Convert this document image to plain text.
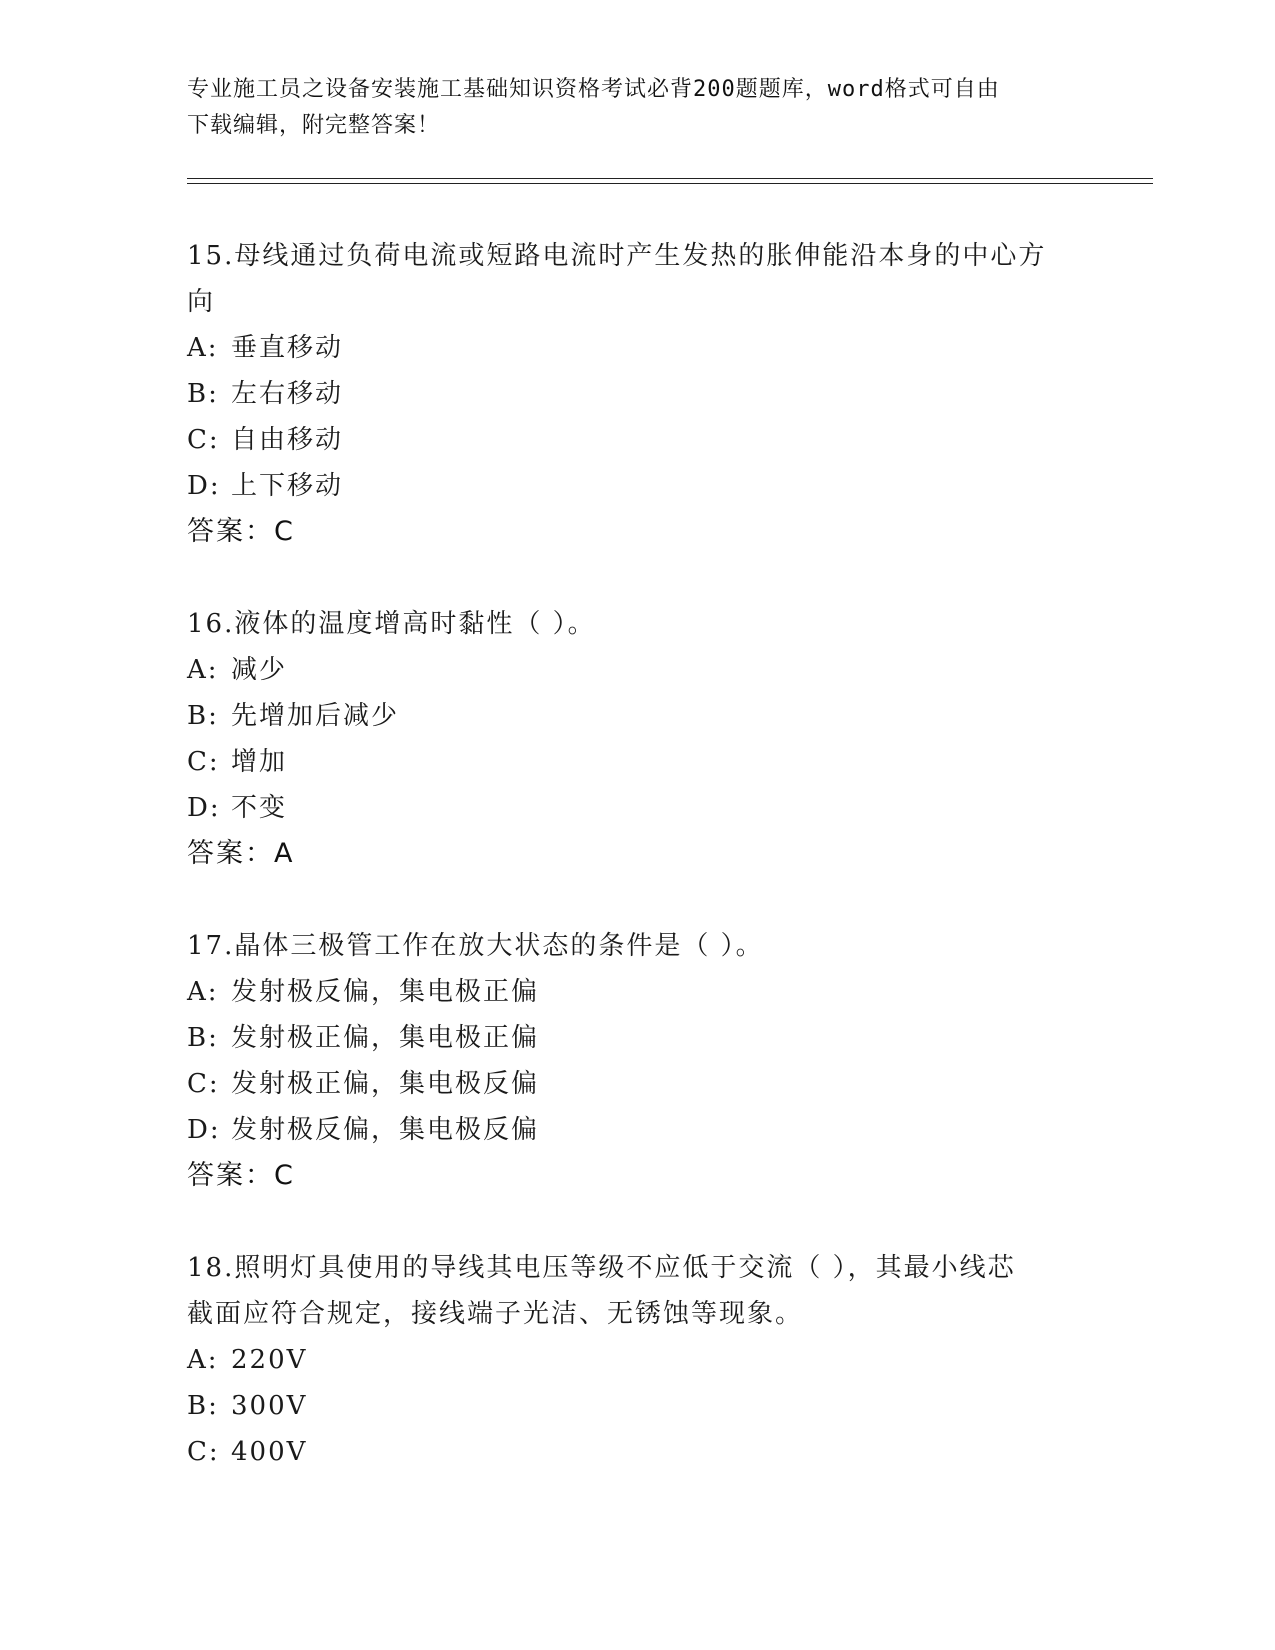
专业施工员之设备安装施工基础知识资格考试必背200题题库，word格式可自由
下载编辑，附完整答案！
15.母线通过负荷电流或短路电流时产生发热的胀伸能沿本身的中心方
向
A: 垂直移动
B: 左右移动
C: 自由移动
D: 上下移动
答案：C
16.液体的温度增高时黏性（ ）。
A: 减少
B: 先增加后减少
C: 增加
D: 不变
答案：A
17.晶体三极管工作在放大状态的条件是（ ）。
A: 发射极反偏，集电极正偏
B: 发射极正偏，集电极正偏
C: 发射极正偏，集电极反偏
D: 发射极反偏，集电极反偏
答案：C
18.照明灯具使用的导线其电压等级不应低于交流（ ），其最小线芯
截面应符合规定，接线端子光洁、无锈蚀等现象。
A: 220V
B: 300V
C: 400V
